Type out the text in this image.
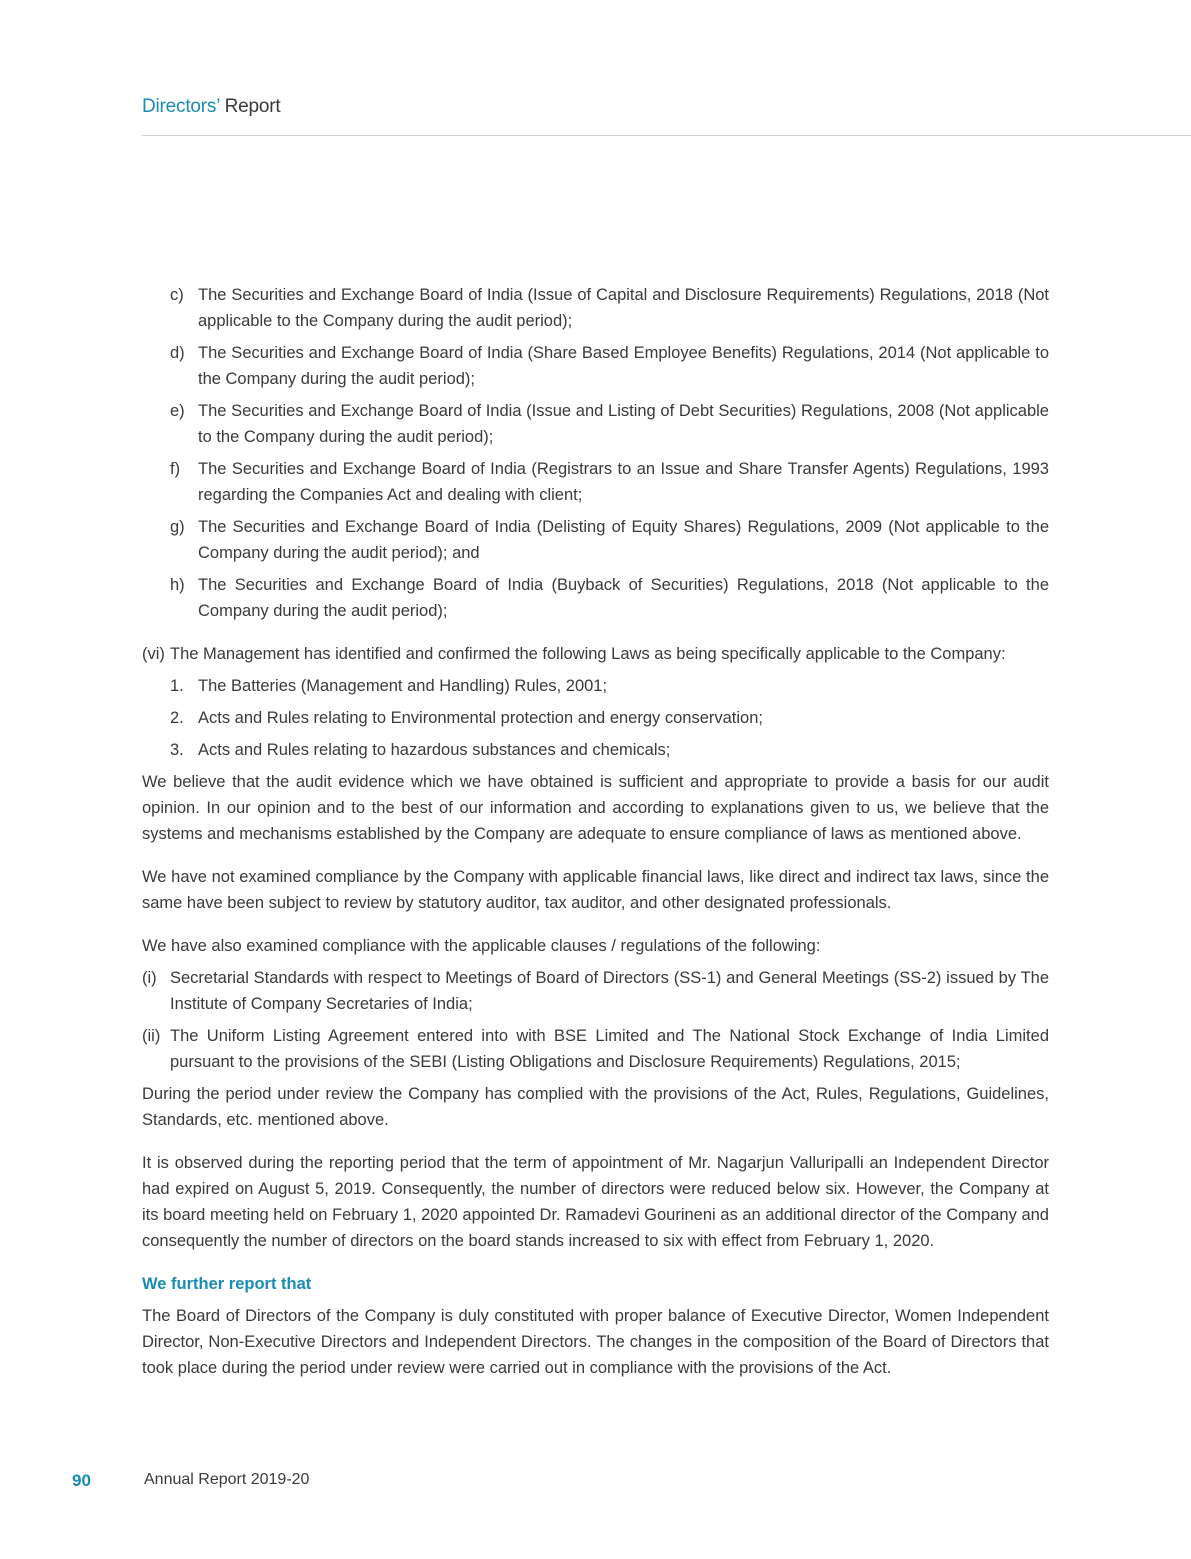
Directors’ Report
c) The Securities and Exchange Board of India (Issue of Capital and Disclosure Requirements) Regulations, 2018 (Not applicable to the Company during the audit period);
d) The Securities and Exchange Board of India (Share Based Employee Benefits) Regulations, 2014 (Not applicable to the Company during the audit period);
e) The Securities and Exchange Board of India (Issue and Listing of Debt Securities) Regulations, 2008 (Not applicable to the Company during the audit period);
f) The Securities and Exchange Board of India (Registrars to an Issue and Share Transfer Agents) Regulations, 1993 regarding the Companies Act and dealing with client;
g) The Securities and Exchange Board of India (Delisting of Equity Shares) Regulations, 2009 (Not applicable to the Company during the audit period); and
h) The Securities and Exchange Board of India (Buyback of Securities) Regulations, 2018 (Not applicable to the Company during the audit period);
(vi) The Management has identified and confirmed the following Laws as being specifically applicable to the Company:
1. The Batteries (Management and Handling) Rules, 2001;
2. Acts and Rules relating to Environmental protection and energy conservation;
3. Acts and Rules relating to hazardous substances and chemicals;

We believe that the audit evidence which we have obtained is sufficient and appropriate to provide a basis for our audit opinion. In our opinion and to the best of our information and according to explanations given to us, we believe that the systems and mechanisms established by the Company are adequate to ensure compliance of laws as mentioned above.

We have not examined compliance by the Company with applicable financial laws, like direct and indirect tax laws, since the same have been subject to review by statutory auditor, tax auditor, and other designated professionals.

We have also examined compliance with the applicable clauses / regulations of the following:

(i) Secretarial Standards with respect to Meetings of Board of Directors (SS-1) and General Meetings (SS-2) issued by The Institute of Company Secretaries of India;
(ii) The Uniform Listing Agreement entered into with BSE Limited and The National Stock Exchange of India Limited pursuant to the provisions of the SEBI (Listing Obligations and Disclosure Requirements) Regulations, 2015;

During the period under review the Company has complied with the provisions of the Act, Rules, Regulations, Guidelines, Standards, etc. mentioned above.

It is observed during the reporting period that the term of appointment of Mr. Nagarjun Valluripalli an Independent Director had expired on August 5, 2019. Consequently, the number of directors were reduced below six. However, the Company at its board meeting held on February 1, 2020 appointed Dr. Ramadevi Gourineni as an additional director of the Company and consequently the number of directors on the board stands increased to six with effect from February 1, 2020.

We further report that

The Board of Directors of the Company is duly constituted with proper balance of Executive Director, Women Independent Director, Non-Executive Directors and Independent Directors. The changes in the composition of the Board of Directors that took place during the period under review were carried out in compliance with the provisions of the Act.

90	Annual Report 2019-20
